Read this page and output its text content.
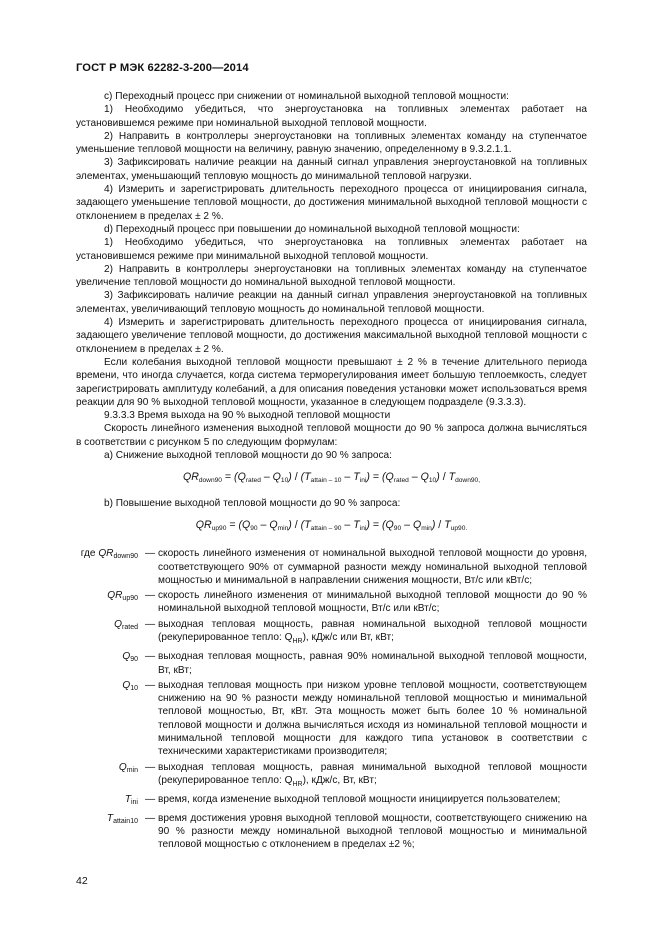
ГОСТ Р МЭК 62282-3-200—2014

c) Переходный процесс при снижении от номинальной выходной тепловой мощности:

1) Необходимо убедиться, что энергоустановка на топливных элементах работает на установившемся режиме при номинальной выходной тепловой мощности.

2) Направить в контроллеры энергоустановки на топливных элементах команду на ступенчатое уменьшение тепловой мощности на величину, равную значению, определенному в 9.3.2.1.1.

3) Зафиксировать наличие реакции на данный сигнал управления энергоустановкой на топливных элементах, уменьшающий тепловую мощность до минимальной тепловой нагрузки.

4) Измерить и зарегистрировать длительность переходного процесса от инициирования сигнала, задающего уменьшение тепловой мощности, до достижения минимальной выходной тепловой мощности с отклонением в пределах ± 2 %.

d) Переходный процесс при повышении до номинальной выходной тепловой мощности:

1) Необходимо убедиться, что энергоустановка на топливных элементах работает на установившемся режиме при минимальной выходной тепловой мощности.

2) Направить в контроллеры энергоустановки на топливных элементах команду на ступенчатое увеличение тепловой мощности до номинальной выходной тепловой мощности.

3) Зафиксировать наличие реакции на данный сигнал управления энергоустановкой на топливных элементах, увеличивающий тепловую мощность до номинальной тепловой мощности.

4) Измерить и зарегистрировать длительность переходного процесса от инициирования сигнала, задающего увеличение тепловой мощности, до достижения максимальной выходной тепловой мощности с отклонением в пределах ± 2 %.

Если колебания выходной тепловой мощности превышают ± 2 % в течение длительного периода времени, что иногда случается, когда система терморегулирования имеет большую теплоемкость, следует зарегистрировать амплитуду колебаний, а для описания поведения установки может использоваться время реакции для 90 % выходной тепловой мощности, указанное в следующем подразделе (9.3.3.3).

9.3.3.3 Время выхода на 90 % выходной тепловой мощности

Скорость линейного изменения выходной тепловой мощности до 90 % запроса должна вычисляться в соответствии с рисунком 5 по следующим формулам:

a) Снижение выходной тепловой мощности до 90 % запроса:

$QR_{down90} = (Q_{rated} - Q_{10}) / (T_{attain - 10} - T_{ini}) = (Q_{rated} - Q_{10}) / T_{down90,}$

b) Повышение выходной тепловой мощности до 90 % запроса:

$QR_{up90} = (Q_{90} - Q_{min}) / (T_{attain - 90} - T_{ini}) = (Q_{90} - Q_{min}) / T_{up90.}$
где $QR_{down90}$ — скорость линейного изменения от номинальной выходной тепловой мощности до уровня, соответствующего 90% от суммарной разности между номинальной выходной тепловой мощностью и минимальной в направлении снижения мощности, Вт/с или кВт/с;
$QR_{up90}$ — скорость линейного изменения от минимальной выходной тепловой мощности до 90 % номинальной выходной тепловой мощности, Вт/с или кВт/с;
$Q_{rated}$ — выходная тепловая мощность, равная номинальной выходной тепловой мощности (рекуперированное тепло: $Q_{HR}$), кДж/с или Вт, кВт;
$Q_{90}$ — выходная тепловая мощность, равная 90% номинальной выходной тепловой мощности, Вт, кВт;
$Q_{10}$ — выходная тепловая мощность при низком уровне тепловой мощности, соответствующем снижению на 90 % разности между номинальной тепловой мощностью и минимальной тепловой мощностью, Вт, кВт. Эта мощность может быть более 10 % номинальной тепловой мощности и должна вычисляться исходя из номинальной тепловой мощности и минимальной тепловой мощности для каждого типа установок в соответствии с техническими характеристиками производителя;
$Q_{min}$ — выходная тепловая мощность, равная минимальной выходной тепловой мощности (рекуперированное тепло: $Q_{HR}$), кДж/с, Вт, кВт;
$T_{ini}$ — время, когда изменение выходной тепловой мощности инициируется пользователем;
$T_{attain10}$ — время достижения уровня выходной тепловой мощности, соответствующего снижению на 90 % разности между номинальной выходной тепловой мощностью и минимальной тепловой мощностью с отклонением в пределах ±2 %;
42
